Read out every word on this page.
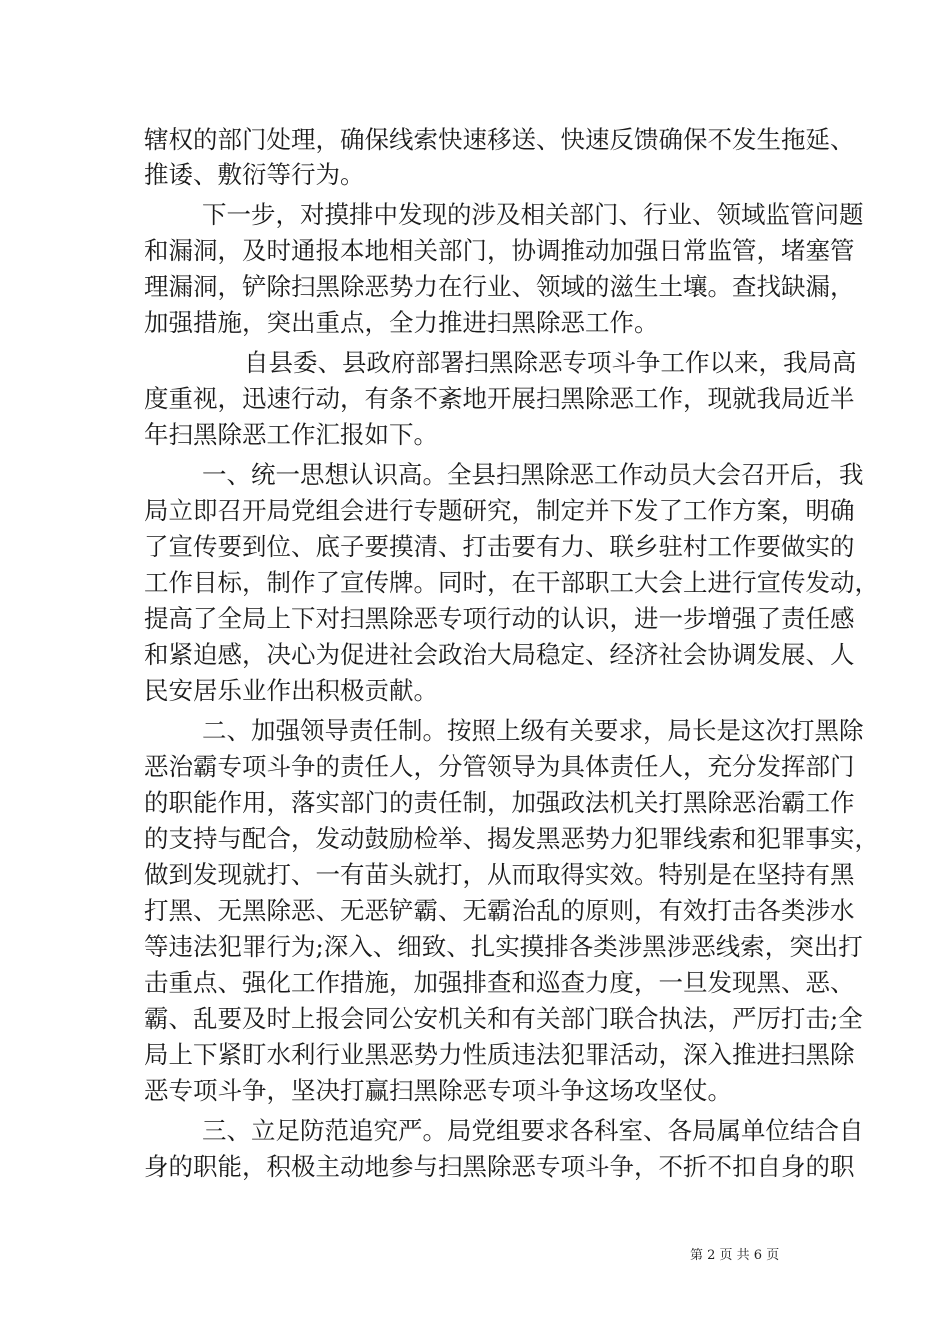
辖权的部门处理，确保线索快速移送、快速反馈确保不发生拖延、
推诿、敷衍等行为。
下一步，对摸排中发现的涉及相关部门、行业、领域监管问题
和漏洞，及时通报本地相关部门，协调推动加强日常监管，堵塞管
理漏洞，铲除扫黑除恶势力在行业、领域的滋生土壤。查找缺漏，
加强措施，突出重点，全力推进扫黑除恶工作。
自县委、县政府部署扫黑除恶专项斗争工作以来，我局高
度重视，迅速行动，有条不紊地开展扫黑除恶工作，现就我局近半
年扫黑除恶工作汇报如下。
一、统一思想认识高。全县扫黑除恶工作动员大会召开后，我
局立即召开局党组会进行专题研究，制定并下发了工作方案，明确
了宣传要到位、底子要摸清、打击要有力、联乡驻村工作要做实的
工作目标，制作了宣传牌。同时，在干部职工大会上进行宣传发动，
提高了全局上下对扫黑除恶专项行动的认识，进一步增强了责任感
和紧迫感，决心为促进社会政治大局稳定、经济社会协调发展、人
民安居乐业作出积极贡献。
二、加强领导责任制。按照上级有关要求，局长是这次打黑除
恶治霸专项斗争的责任人，分管领导为具体责任人，充分发挥部门
的职能作用，落实部门的责任制，加强政法机关打黑除恶治霸工作
的支持与配合，发动鼓励检举、揭发黑恶势力犯罪线索和犯罪事实，
做到发现就打、一有苗头就打，从而取得实效。特别是在坚持有黑
打黑、无黑除恶、无恶铲霸、无霸治乱的原则，有效打击各类涉水
等违法犯罪行为;深入、细致、扎实摸排各类涉黑涉恶线索，突出打
击重点、强化工作措施，加强排查和巡查力度，一旦发现黑、恶、
霸、乱要及时上报会同公安机关和有关部门联合执法，严厉打击;全
局上下紧盯水利行业黑恶势力性质违法犯罪活动，深入推进扫黑除
恶专项斗争，坚决打赢扫黑除恶专项斗争这场攻坚仗。
三、立足防范追究严。局党组要求各科室、各局属单位结合自
身的职能，积极主动地参与扫黑除恶专项斗争，不折不扣自身的职
第 2 页 共 6 页
